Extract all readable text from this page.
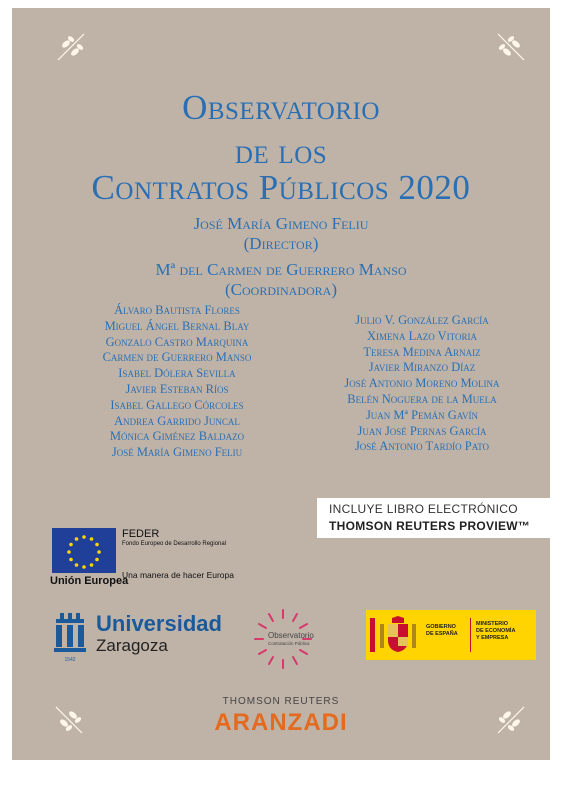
Observatorio
de los
Contratos Públicos 2020
José María Gimeno Feliu
(Director)
Mª del Carmen de Guerrero Manso
(Coordinadora)
Álvaro Bautista Flores
Miguel Ángel Bernal Blay
Gonzalo Castro Marquina
Carmen de Guerrero Manso
Isabel Dólera Sevilla
Javier Esteban Ríos
Isabel Gallego Córcoles
Andrea Garrido Juncal
Mónica Giménez Baldazo
José María Gimeno Feliu
Julio V. González García
Ximena Lazo Vitoria
Teresa Medina Arnaiz
Javier Miranzo Díaz
José Antonio Moreno Molina
Belén Noguera de la Muela
Juan Mª Pemán Gavín
Juan José Pernas García
José Antonio Tardío Pato
INCLUYE LIBRO ELECTRÓNICO
THOMSON REUTERS PROVIEW™
Unión Europea
FEDER
Fondo Europeo de Desarrollo Regional
Una manera de hacer Europa
1542
Universidad
Zaragoza
Observatorio
Contratación Pública
GOBIERNO
DE ESPAÑA
MINISTERIO
DE ECONOMÍA
Y EMPRESA
THOMSON REUTERS
ARANZADI
